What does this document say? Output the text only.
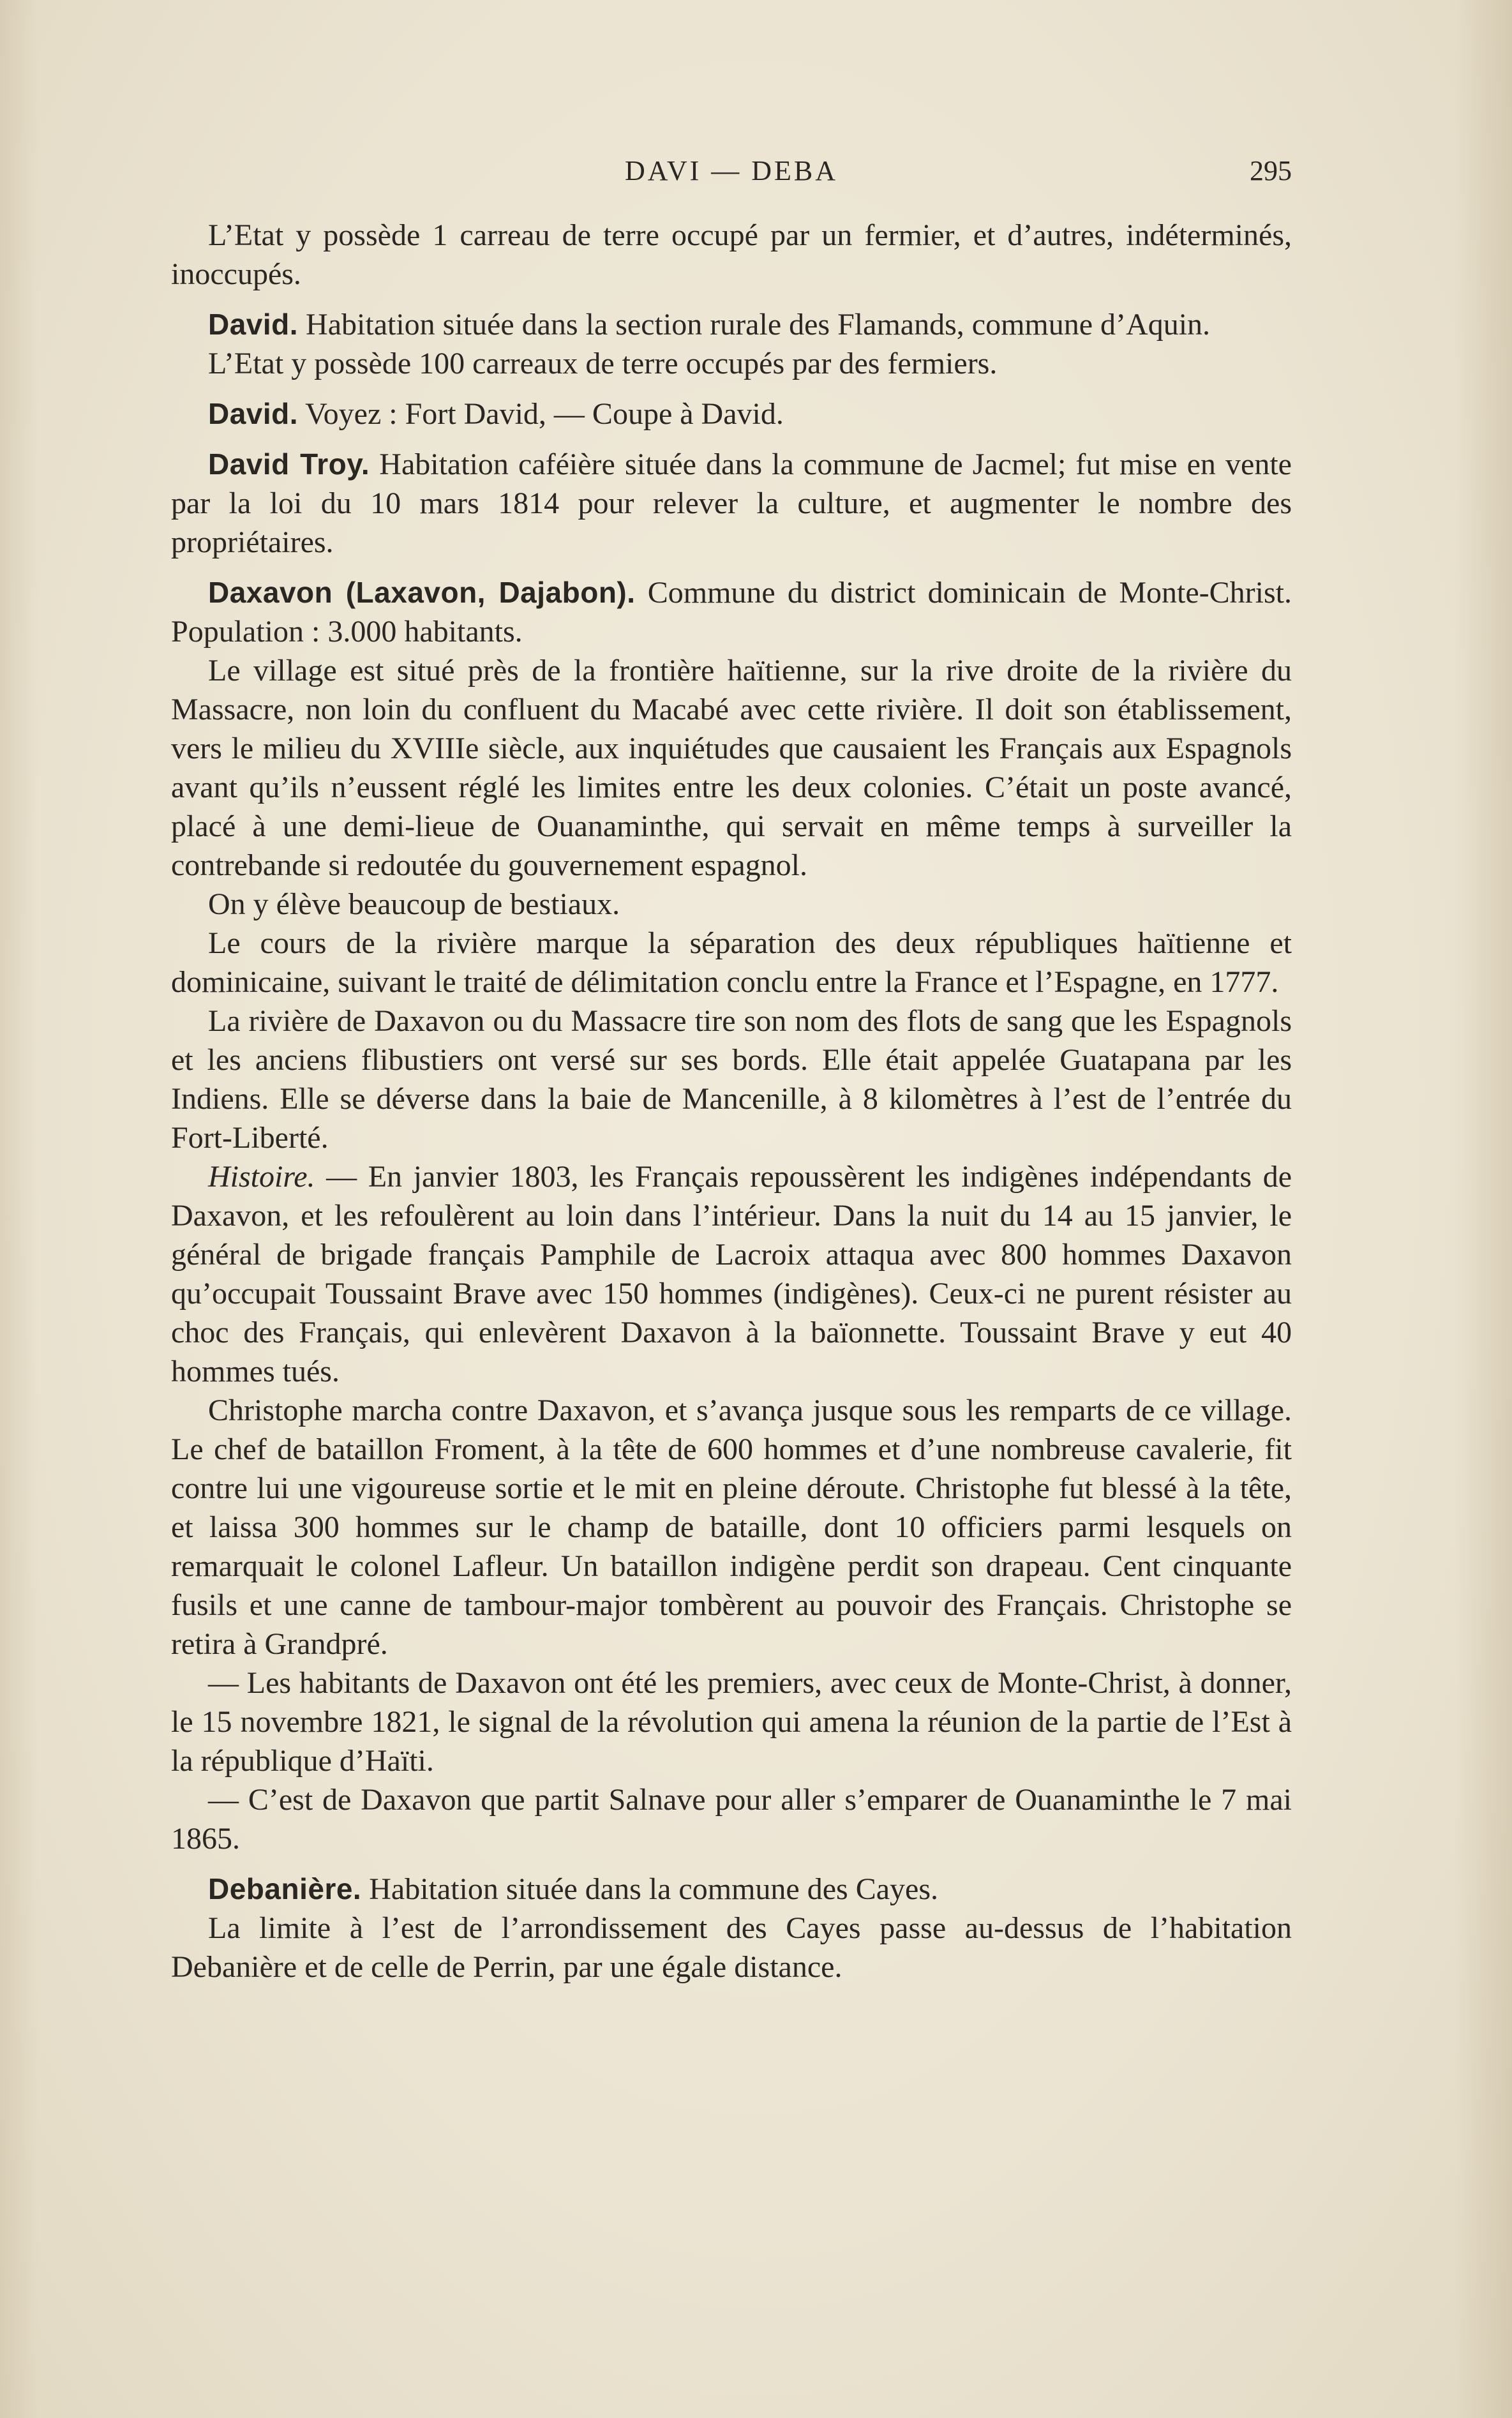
DAVI — DEBA	295

L’Etat y possède 1 carreau de terre occupé par un fermier, et d’autres, indéterminés, inoccupés.

David. Habitation située dans la section rurale des Flamands, commune d’Aquin.

L’Etat y possède 100 carreaux de terre occupés par des fermiers.

David. Voyez : Fort David, — Coupe à David.

David Troy. Habitation caféière située dans la commune de Jacmel; fut mise en vente par la loi du 10 mars 1814 pour relever la culture, et augmenter le nombre des propriétaires.

Daxavon (Laxavon, Dajabon). Commune du district dominicain de Monte-Christ. Population : 3.000 habitants.

Le village est situé près de la frontière haïtienne, sur la rive droite de la rivière du Massacre, non loin du confluent du Macabé avec cette rivière. Il doit son établissement, vers le milieu du XVIIIe siècle, aux inquiétudes que causaient les Français aux Espagnols avant qu’ils n’eussent réglé les limites entre les deux colonies. C’était un poste avancé, placé à une demi-lieue de Ouanaminthe, qui servait en même temps à surveiller la contrebande si redoutée du gouvernement espagnol.

On y élève beaucoup de bestiaux.

Le cours de la rivière marque la séparation des deux républiques haïtienne et dominicaine, suivant le traité de délimitation conclu entre la France et l’Espagne, en 1777.

La rivière de Daxavon ou du Massacre tire son nom des flots de sang que les Espagnols et les anciens flibustiers ont versé sur ses bords. Elle était appelée Guatapana par les Indiens. Elle se déverse dans la baie de Mancenille, à 8 kilomètres à l’est de l’entrée du Fort-Liberté.

Histoire. — En janvier 1803, les Français repoussèrent les indigènes indépendants de Daxavon, et les refoulèrent au loin dans l’intérieur. Dans la nuit du 14 au 15 janvier, le général de brigade français Pamphile de Lacroix attaqua avec 800 hommes Daxavon qu’occupait Toussaint Brave avec 150 hommes (indigènes). Ceux-ci ne purent résister au choc des Français, qui enlevèrent Daxavon à la baïonnette. Toussaint Brave y eut 40 hommes tués.

Christophe marcha contre Daxavon, et s’avança jusque sous les remparts de ce village. Le chef de bataillon Froment, à la tête de 600 hommes et d’une nombreuse cavalerie, fit contre lui une vigoureuse sortie et le mit en pleine déroute. Christophe fut blessé à la tête, et laissa 300 hommes sur le champ de bataille, dont 10 officiers parmi lesquels on remarquait le colonel Lafleur. Un bataillon indigène perdit son drapeau. Cent cinquante fusils et une canne de tambour-major tombèrent au pouvoir des Français. Christophe se retira à Grandpré.

— Les habitants de Daxavon ont été les premiers, avec ceux de Monte-Christ, à donner, le 15 novembre 1821, le signal de la révolution qui amena la réunion de la partie de l’Est à la république d’Haïti.

— C’est de Daxavon que partit Salnave pour aller s’emparer de Ouanaminthe le 7 mai 1865.

Debanière. Habitation située dans la commune des Cayes.

La limite à l’est de l’arrondissement des Cayes passe au-dessus de l’habitation Debanière et de celle de Perrin, par une égale distance.
